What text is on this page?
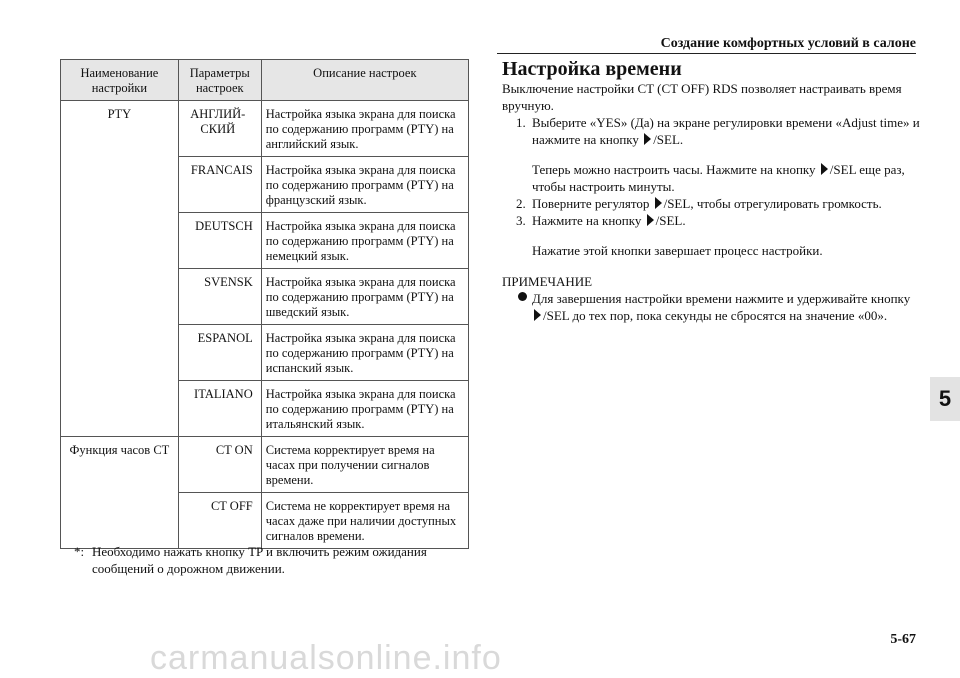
Создание комфортных условий в салоне
5
Наименование настройки	Параметры настроек	Описание настроек
PTY	АНГЛИЙ-СКИЙ	Настройка языка экрана для поиска по содержанию программ (PTY) на английский язык.
	FRANCAIS	Настройка языка экрана для поиска по содержанию программ (PTY) на французский язык.
	DEUTSCH	Настройка языка экрана для поиска по содержанию программ (PTY) на немецкий язык.
	SVENSK	Настройка языка экрана для поиска по содержанию программ (PTY) на шведский язык.
	ESPANOL	Настройка языка экрана для поиска по содержанию программ (PTY) на испанский язык.
	ITALIANO	Настройка языка экрана для поиска по содержанию программ (PTY) на итальянский язык.
Функция часов CT	CT ON	Система корректирует время на часах при получении сигналов времени.
	CT OFF	Система не корректирует время на часах даже при наличии доступных сигналов времени.
*: Необходимо нажать кнопку TP и включить режим ожидания сообщений о дорожном движении.
Настройка времени

Выключение настройки CT (CT OFF) RDS позволяет настраивать время вручную.

1. Выберите «YES» (Да) на экране регулировки времени «Adjust time» и нажмите на кнопку /SEL.
Теперь можно настроить часы. Нажмите на кнопку /SEL еще раз, чтобы настроить минуты.
2. Поверните регулятор /SEL, чтобы отрегулировать громкость.
3. Нажмите на кнопку /SEL.
Нажатие этой кнопки завершает процесс настройки.
ПРИМЕЧАНИЕ
Для завершения настройки времени нажмите и удерживайте кнопку /SEL до тех пор, пока секунды не сбросятся на значение «00».
5-67
carmanualsonline.info
